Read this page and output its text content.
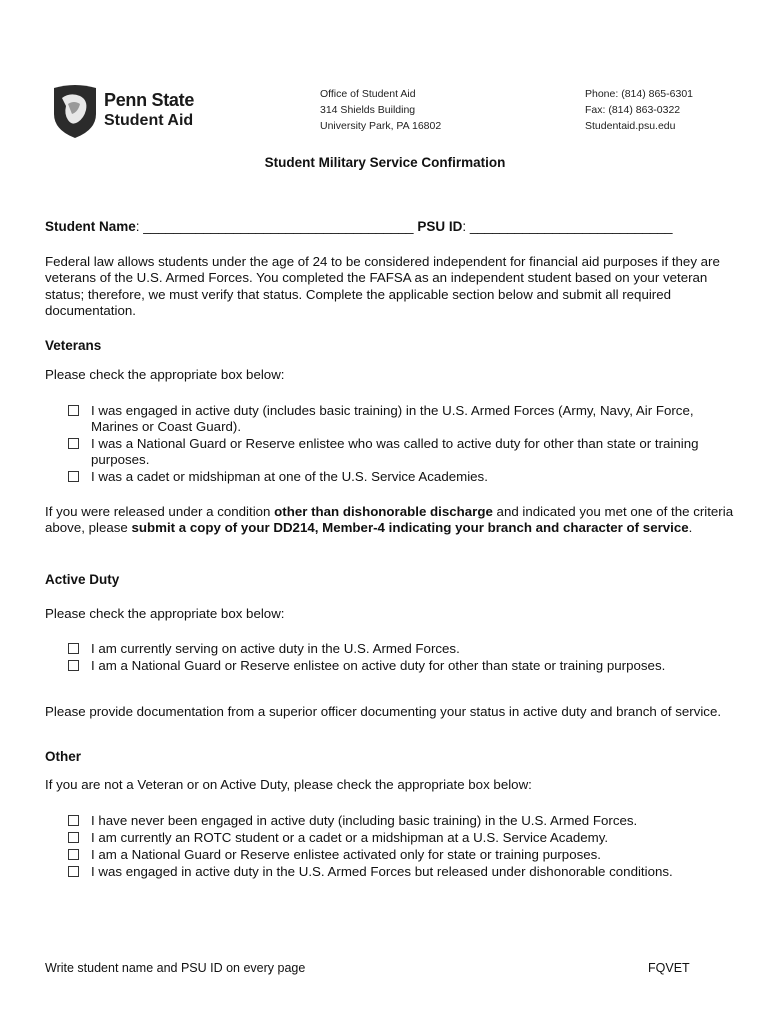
Penn State
Student Aid
Office of Student Aid
314 Shields Building
University Park, PA 16802
Phone: (814) 865-6301
Fax: (814) 863-0322
Studentaid.psu.edu
Student Military Service Confirmation
Student Name: ____________________________________ PSU ID: ___________________________
Federal law allows students under the age of 24 to be considered independent for financial aid purposes if they are veterans of the U.S. Armed Forces. You completed the FAFSA as an independent student based on your veteran status; therefore, we must verify that status. Complete the applicable section below and submit all required documentation.
Veterans
Please check the appropriate box below:
I was engaged in active duty (includes basic training) in the U.S. Armed Forces (Army, Navy, Air Force, Marines or Coast Guard).
I was a National Guard or Reserve enlistee who was called to active duty for other than state or training purposes.
I was a cadet or midshipman at one of the U.S. Service Academies.
If you were released under a condition other than dishonorable discharge and indicated you met one of the criteria above, please submit a copy of your DD214, Member-4 indicating your branch and character of service.
Active Duty
Please check the appropriate box below:
I am currently serving on active duty in the U.S. Armed Forces.
I am a National Guard or Reserve enlistee on active duty for other than state or training purposes.
Please provide documentation from a superior officer documenting your status in active duty and branch of service.
Other
If you are not a Veteran or on Active Duty, please check the appropriate box below:
I have never been engaged in active duty (including basic training) in the U.S. Armed Forces.
I am currently an ROTC student or a cadet or a midshipman at a U.S. Service Academy.
I am a National Guard or Reserve enlistee activated only for state or training purposes.
I was engaged in active duty in the U.S. Armed Forces but released under dishonorable conditions.
Write student name and PSU ID on every page	FQVET
